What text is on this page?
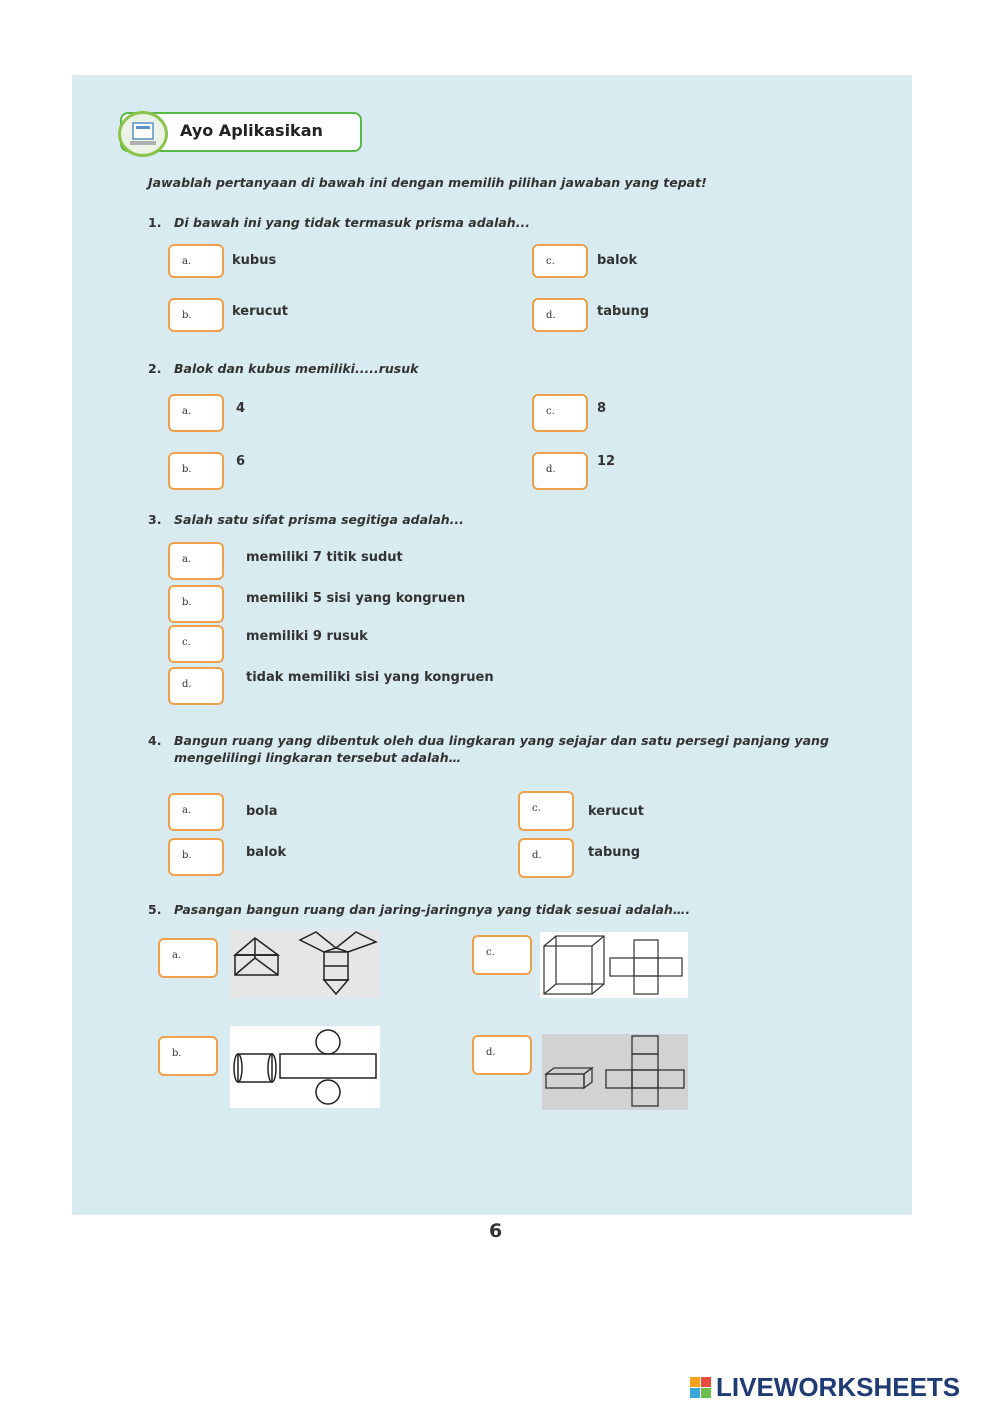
Ayo Aplikasikan
Jawablah pertanyaan di bawah ini dengan memilih pilihan jawaban yang tepat!
1. Di bawah ini yang tidak termasuk prisma adalah...
a.	kubus
b.	kerucut
c.	balok
d.	tabung
2. Balok dan kubus memiliki.....rusuk
a.	4
b.
6
c.	8
d.
12
3. Salah satu sifat prisma segitiga adalah...
a.	memiliki 7 titik sudut
b.	memiliki 5 sisi yang kongruen
c.	memiliki 9 rusuk
d.	tidak memiliki sisi yang kongruen
4. Bangun ruang yang dibentuk oleh dua lingkaran yang sejajar dan satu persegi panjang yang
mengelilingi lingkaran tersebut adalah…
a.	bola
b.	balok
c.	kerucut
d.	tabung
5. Pasangan bangun ruang dan jaring-jaringnya yang tidak sesuai adalah….
a.
b.
c.
d.
6
LIVEWORKSHEETS
